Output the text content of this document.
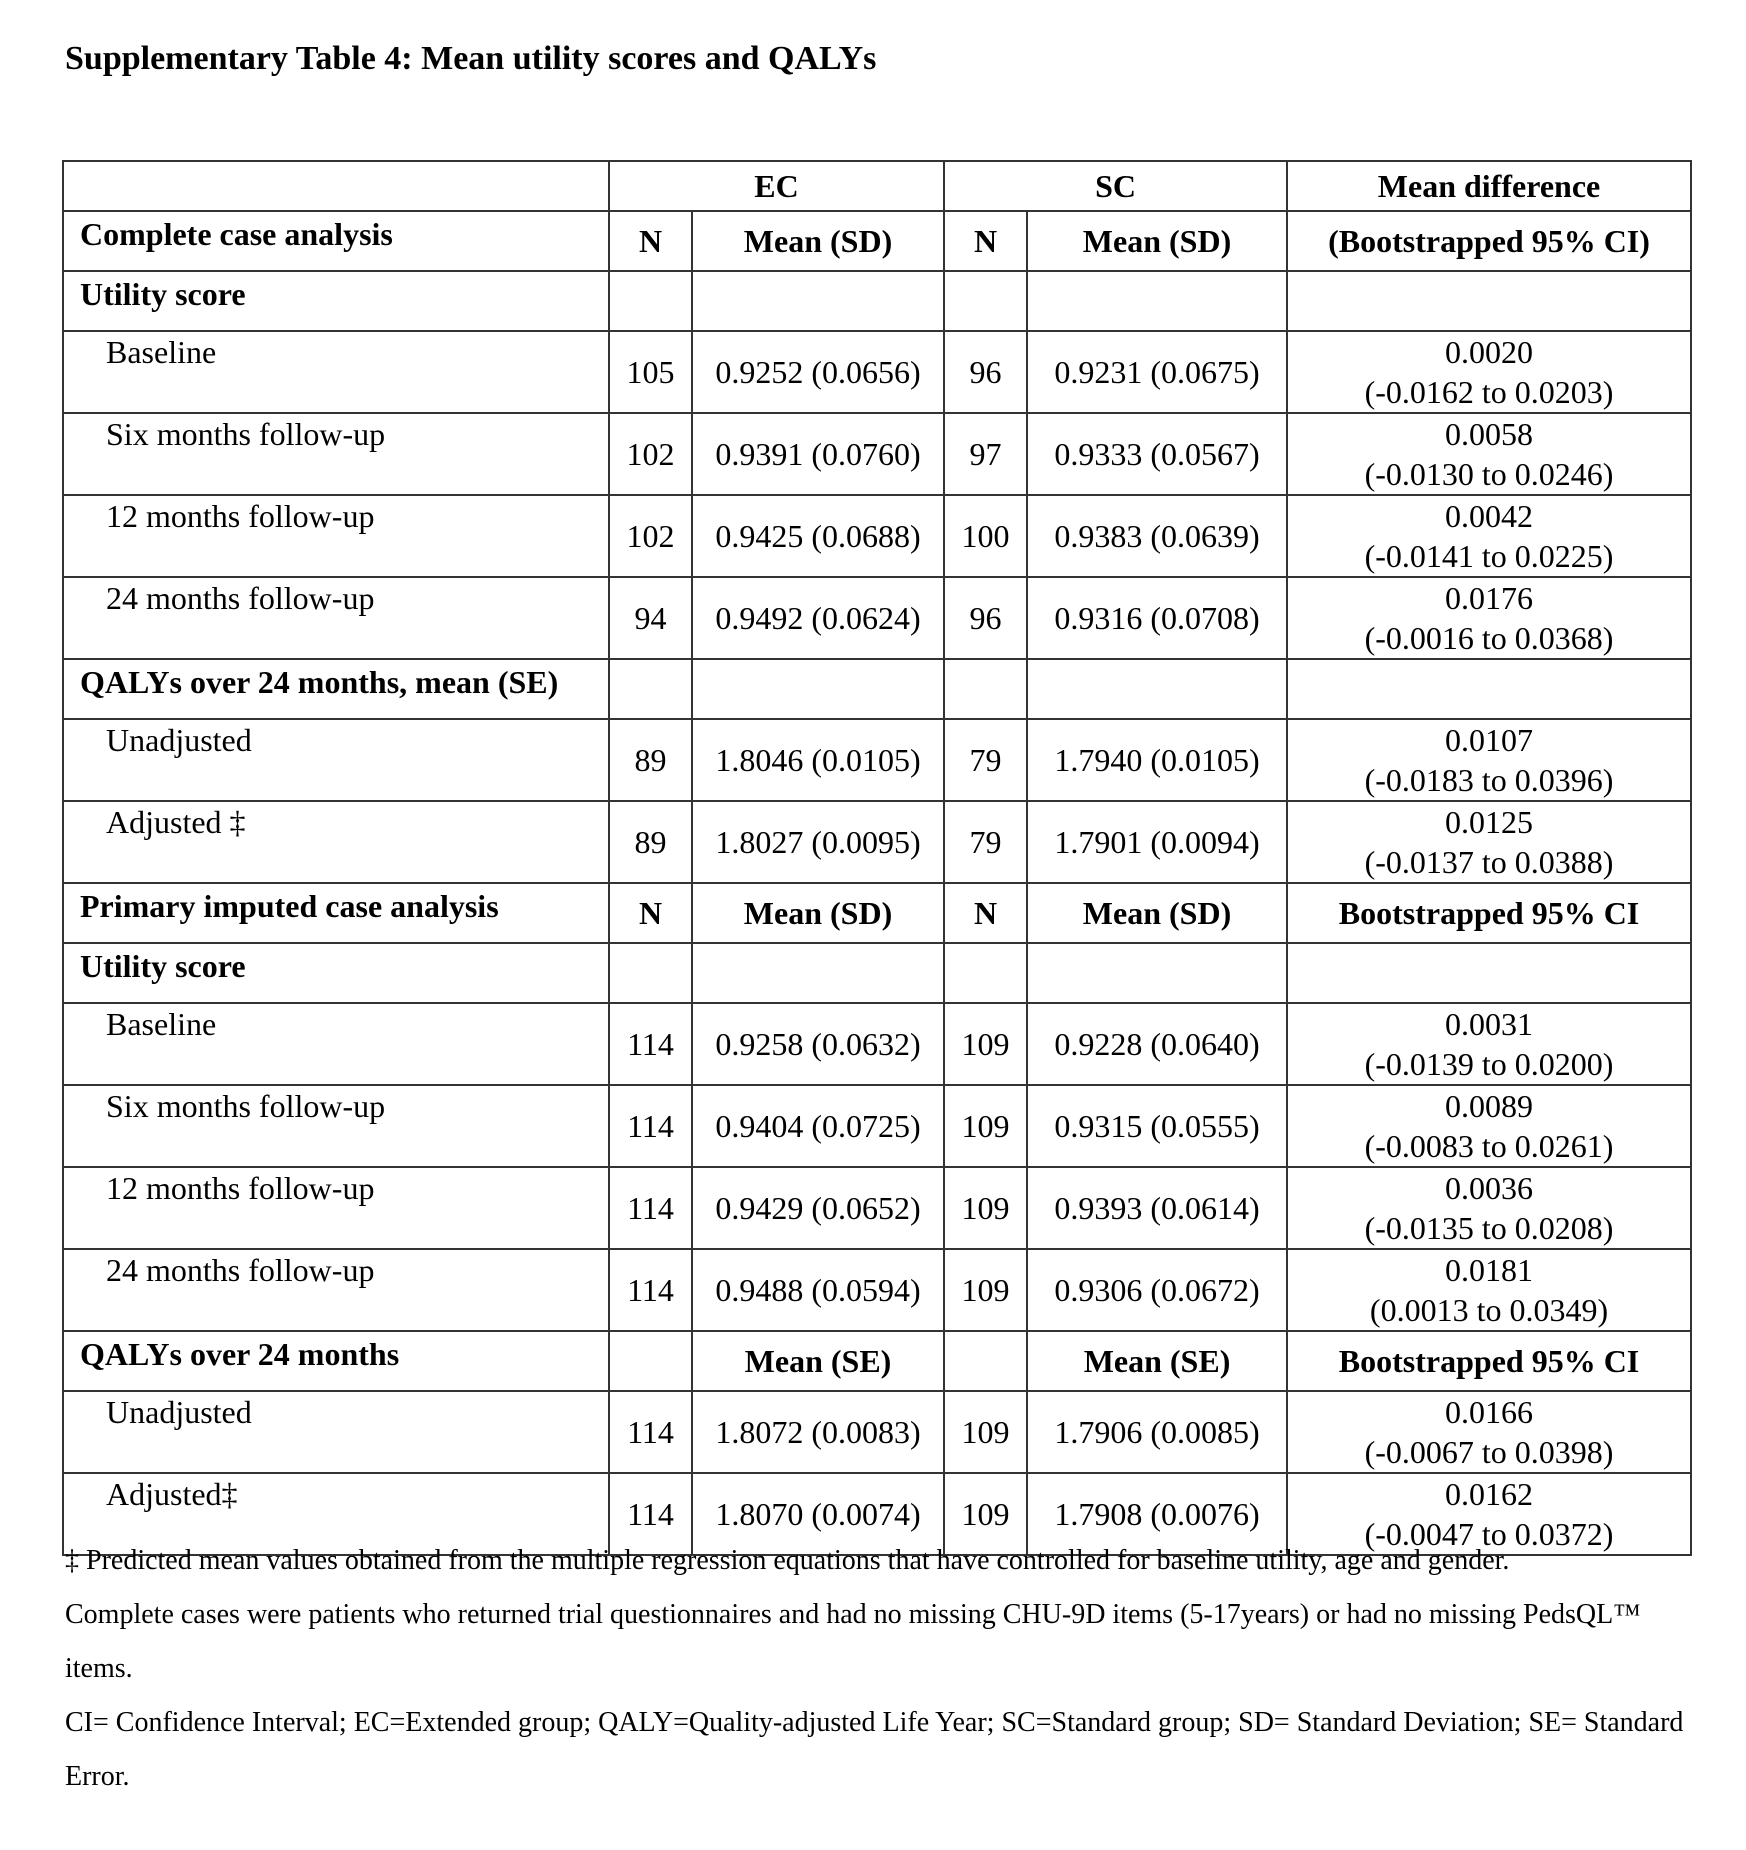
Supplementary Table 4: Mean utility scores and QALYs
	EC		SC		Mean difference
Complete case analysis	N	Mean (SD)	N	Mean (SD)	(Bootstrapped 95% CI)
Utility score					
Baseline	105	0.9252 (0.0656)	96	0.9231 (0.0675)	0.0020
(-0.0162 to 0.0203)

Six months follow-up	102	0.9391 (0.0760)	97	0.9333 (0.0567)	0.0058
(-0.0130 to 0.0246)

12 months follow-up	102	0.9425 (0.0688)	100	0.9383 (0.0639)	0.0042
(-0.0141 to 0.0225)

24 months follow-up	94	0.9492 (0.0624)	96	0.9316 (0.0708)	0.0176
(-0.0016 to 0.0368)

QALYs over 24 months, mean (SE)					
Unadjusted	89	1.8046 (0.0105)	79	1.7940 (0.0105)	0.0107
(-0.0183 to 0.0396)

Adjusted ‡	89	1.8027 (0.0095)	79	1.7901 (0.0094)	0.0125
(-0.0137 to 0.0388)

Primary imputed case analysis	N	Mean (SD)	N	Mean (SD)	Bootstrapped 95% CI
Utility score					
Baseline	114	0.9258 (0.0632)	109	0.9228 (0.0640)	0.0031
(-0.0139 to 0.0200)

Six months follow-up	114	0.9404 (0.0725)	109	0.9315 (0.0555)	0.0089
(-0.0083 to 0.0261)

12 months follow-up	114	0.9429 (0.0652)	109	0.9393 (0.0614)	0.0036
(-0.0135 to 0.0208)

24 months follow-up	114	0.9488 (0.0594)	109	0.9306 (0.0672)	0.0181
(0.0013 to 0.0349)

QALYs over 24 months		Mean (SE)		Mean (SE)	Bootstrapped 95% CI
Unadjusted	114	1.8072 (0.0083)	109	1.7906 (0.0085)	0.0166
(-0.0067 to 0.0398)

Adjusted‡	114	1.8070 (0.0074)	109	1.7908 (0.0076)	0.0162
(-0.0047 to 0.0372)

‡ Predicted mean values obtained from the multiple regression equations that have controlled for baseline utility, age and gender.

Complete cases were patients who returned trial questionnaires and had no missing CHU-9D items (5-17years) or had no missing PedsQL™ items.

CI= Confidence Interval; EC=Extended group; QALY=Quality-adjusted Life Year; SC=Standard group; SD= Standard Deviation; SE= Standard Error.
